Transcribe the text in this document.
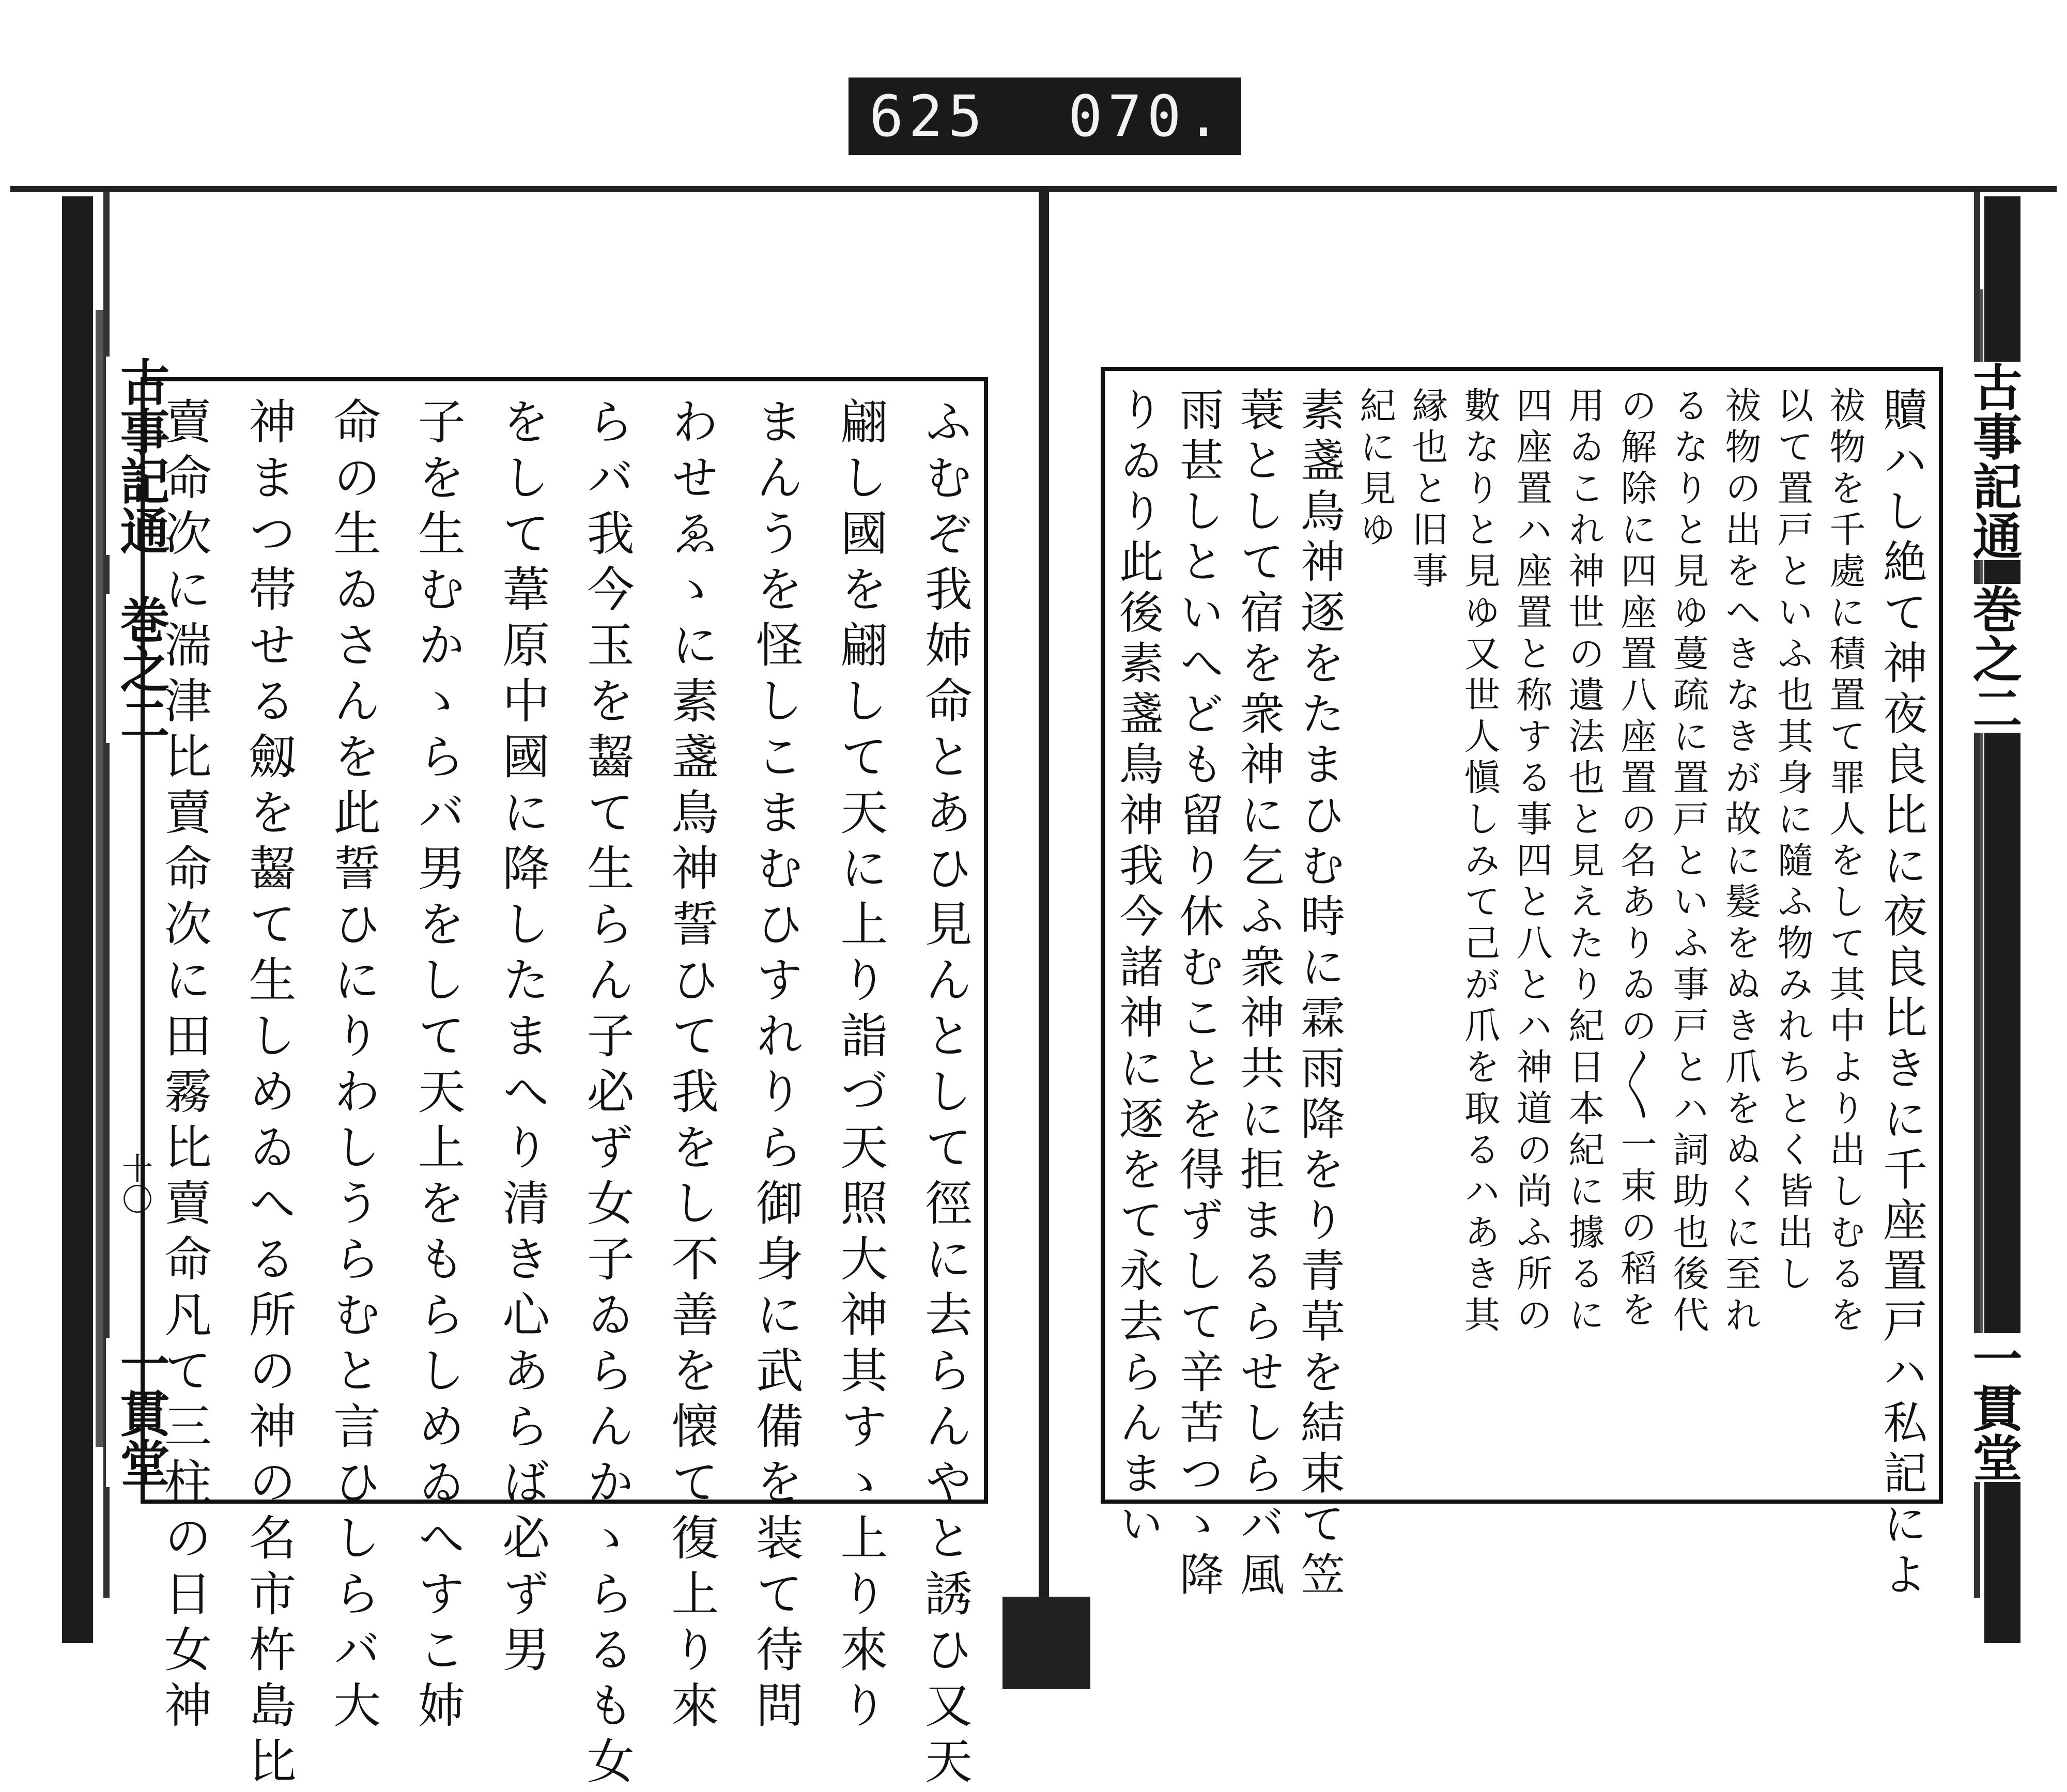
625 070.
古事記通
巻之二
十〇
一貫堂
古事記通
巻之二
一貫堂
ふむぞ我姉命とあひ見んとして徑に去らんやと誘ひ又天
翩し國を翩して天に上り詣づ天照大神其すゝ上り來り
まんうを怪しこまむひすれりら御身に武備を装て待問
わせゑゝに素盞鳥神誓ひて我をし不善を懐て復上り來
らバ我今玉を齧て生らん子必ず女子ゐらんかゝらるも女
をして葦原中國に降したまへり清き心あらば必ず男
子を生むかゝらバ男をして天上をもらしめゐへすこ姉
命の生ゐさんを此誓ひにりわしうらむと言ひしらバ大
神まつ帯せる劔を齧て生しめゐへる所の神の名市杵島比
賣命次に湍津比賣命次に田霧比賣命凡て三柱の日女神	贖ハし絶て神夜良比に夜良比きに千座置戸ハ私記によ
祓物を千處に積置て罪人をして其中より出しむるを
以て置戸といふ也其身に隨ふ物みれちとく皆出し
祓物の出をへきなきが故に髮をぬき爪をぬくに至れ
るなりと見ゆ蔓疏に置戸といふ事戸とハ詞助也後代
の解除に四座置八座置の名ありゐの〳〵一束の稻を
用ゐこれ神世の遺法也と見えたり紀日本紀に據るに
四座置ハ座置と称する事四と八とハ神道の尚ふ所の
數なりと見ゆ又世人愼しみて己が爪を取るハあき其
縁也と旧事
紀に見ゆ
素盞鳥神逐をたまひむ時に霖雨降をり青草を結束て笠
蓑として宿を衆神に乞ふ衆神共に拒まるらせしらバ風
雨甚しといへども留り休むことを得ずして辛苦つゝ降
りゐり此後素盞鳥神我今諸神に逐をて永去らんまい
